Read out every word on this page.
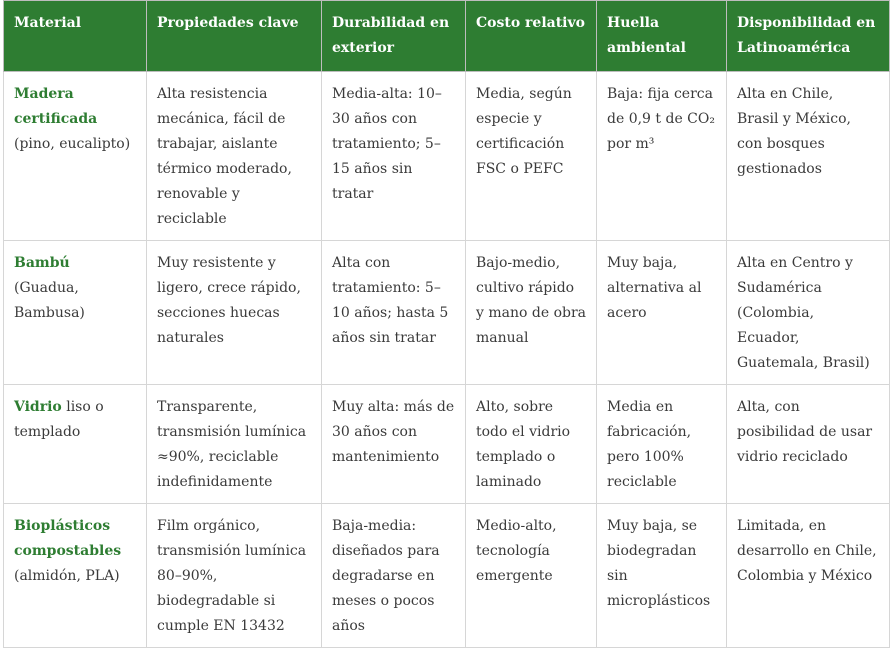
Material	Propiedades clave	Durabilidad en exterior	Costo relativo	Huella ambiental	Disponibilidad en Latinoamérica
Madera certificada
(pino, eucalipto)	Alta resistencia mecánica, fácil de trabajar, aislante térmico moderado, renovable y reciclable	Media-alta: 10–30 años con tratamiento; 5–15 años sin tratar	Media, según especie y certificación FSC o PEFC	Baja: fija cerca de 0,9 t de CO₂ por m³	Alta en Chile, Brasil y México, con bosques gestionados
Bambú (Guadua, Bambusa)	Muy resistente y ligero, crece rápido, secciones huecas naturales	Alta con tratamiento: 5–10 años; hasta 5 años sin tratar	Bajo-medio, cultivo rápido y mano de obra manual	Muy baja, alternativa al acero	Alta en Centro y Sudamérica (Colombia, Ecuador, Guatemala, Brasil)
Vidrio liso o templado	Transparente, transmisión lumínica ≈90%, reciclable indefinidamente	Muy alta: más de 30 años con mantenimiento	Alto, sobre todo el vidrio templado o laminado	Media en fabricación, pero 100% reciclable	Alta, con posibilidad de usar vidrio reciclado
Bioplásticos compostables
(almidón, PLA)	Film orgánico, transmisión lumínica 80–90%, biodegradable si cumple EN 13432	Baja-media: diseñados para degradarse en meses o pocos años	Medio-alto, tecnología emergente	Muy baja, se biodegradan sin microplásticos	Limitada, en desarrollo en Chile, Colombia y México
